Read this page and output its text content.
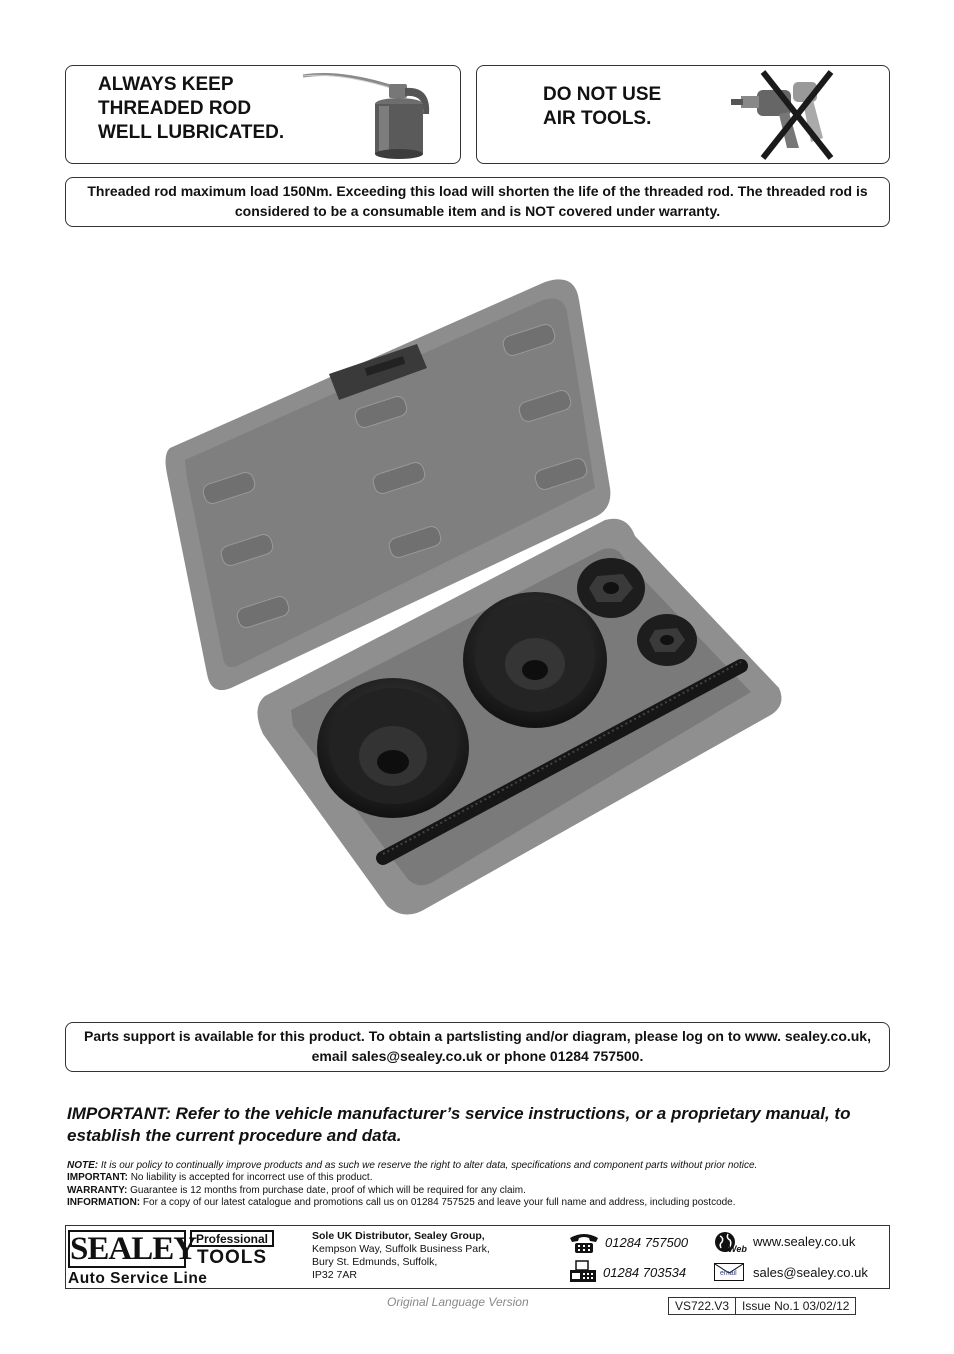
ALWAYS KEEP
THREADED ROD
WELL LUBRICATED.
DO NOT USE
AIR TOOLS.
Threaded rod maximum load 150Nm. Exceeding this load will shorten the life of the threaded rod. The threaded rod is considered to be a consumable item and is NOT covered under warranty.
Parts support is available for this product. To obtain a partslisting and/or diagram, please log on to www. sealey.co.uk, email sales@sealey.co.uk or phone 01284 757500.
IMPORTANT: Refer to the vehicle manufacturer’s service instructions, or a proprietary manual, to establish the current procedure and data.
NOTE: It is our policy to continually improve products and as such we reserve the right to alter data, specifications and component parts without prior notice.
IMPORTANT: No liability is accepted for incorrect use of this product.
WARRANTY: Guarantee is 12 months from purchase date, proof of which will be required for any claim.
INFORMATION: For a copy of our latest catalogue and promotions call us on 01284 757525 and leave your full name and address, including postcode.
SEALEY Professional
TOOLS
Auto Service Line
Sole UK Distributor, Sealey Group,
Kempson Way, Suffolk Business Park,
Bury St. Edmunds, Suffolk,
IP32 7AR
01284 757500
01284 703534
Web www.sealey.co.uk
email sales@sealey.co.uk
Original Language Version	VS722.V3	Issue No.1 03/02/12
